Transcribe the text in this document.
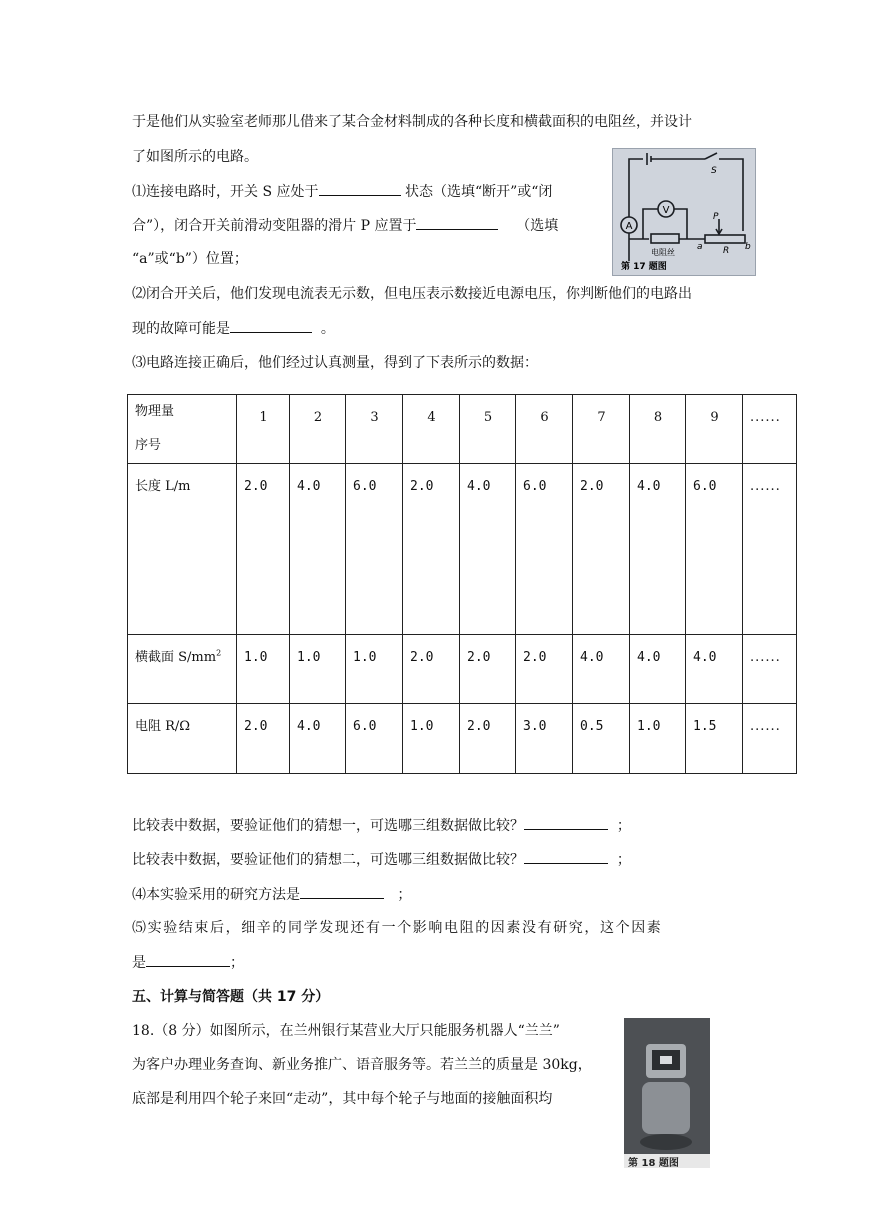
于是他们从实验室老师那儿借来了某合金材料制成的各种长度和横截面积的电阻丝，并设计
了如图所示的电路。
⑴连接电路时，开关 S 应处于	状态（选填“断开”或“闭
合”），闭合开关前滑动变阻器的滑片 P 应置于	（选填
“a”或“b”）位置；
⑵闭合开关后，他们发现电流表无示数，但电压表示数接近电源电压，你判断他们的电路出
现的故障可能是	。
⑶电路连接正确后，他们经过认真测量，得到了下表所示的数据：
A
V
S
P
电阻丝
a R b
第 17 题图
物理量
序号	1	2	3	4	5	6	7	8	9	......
长度 L/m	2.0	4.0	6.0	2.0	4.0	6.0	2.0	4.0	6.0	......
横截面 $S/mm^2$	1.0	1.0	1.0	2.0	2.0	2.0	4.0	4.0	4.0	......
电阻 R/Ω	2.0	4.0	6.0	1.0	2.0	3.0	0.5	1.0	1.5	......
比较表中数据，要验证他们的猜想一，可选哪三组数据做比较？	；
比较表中数据，要验证他们的猜想二，可选哪三组数据做比较？	；
⑷本实验采用的研究方法是	；
⑸实验结束后，细辛的同学发现还有一个影响电阻的因素没有研究，这个因素
是	；
五、计算与简答题（共 17 分）
18.（8 分）如图所示，在兰州银行某营业大厅只能服务机器人“兰兰”
为客户办理业务查询、新业务推广、语音服务等。若兰兰的质量是 30kg，
底部是利用四个轮子来回“走动”，其中每个轮子与地面的接触面积均
第 18 题图
